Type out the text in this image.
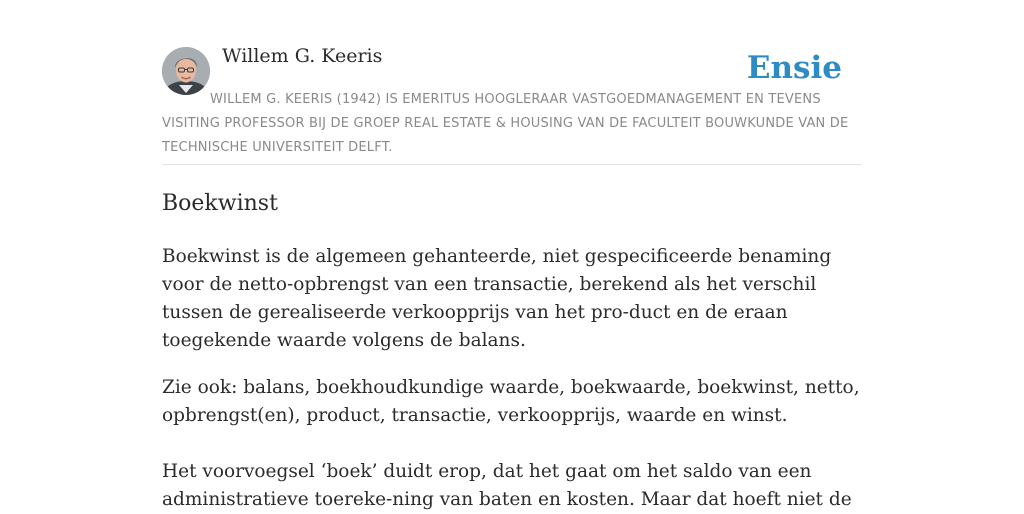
Willem G. Keeris	Ensie

WILLEM G. KEERIS (1942) IS EMERITUS HOOGLERAAR VASTGOEDMANAGEMENT EN TEVENS VISITING PROFESSOR BIJ DE GROEP REAL ESTATE & HOUSING VAN DE FACULTEIT BOUWKUNDE VAN DE TECHNISCHE UNIVERSITEIT DELFT.

Boekwinst

Boekwinst is de algemeen gehanteerde, niet gespecificeerde benaming voor de netto-opbrengst van een transactie, berekend als het verschil tussen de gerealiseerde verkoopprijs van het pro-duct en de eraan toegekende waarde volgens de balans.

Zie ook: balans, boekhoudkundige waarde, boekwaarde, boekwinst, netto, opbrengst(en), product, transactie, verkoopprijs, waarde en winst.

Het voorvoegsel ‘boek’ duidt erop, dat het gaat om het saldo van een administratieve toereke-ning van baten en kosten. Maar dat hoeft niet de
